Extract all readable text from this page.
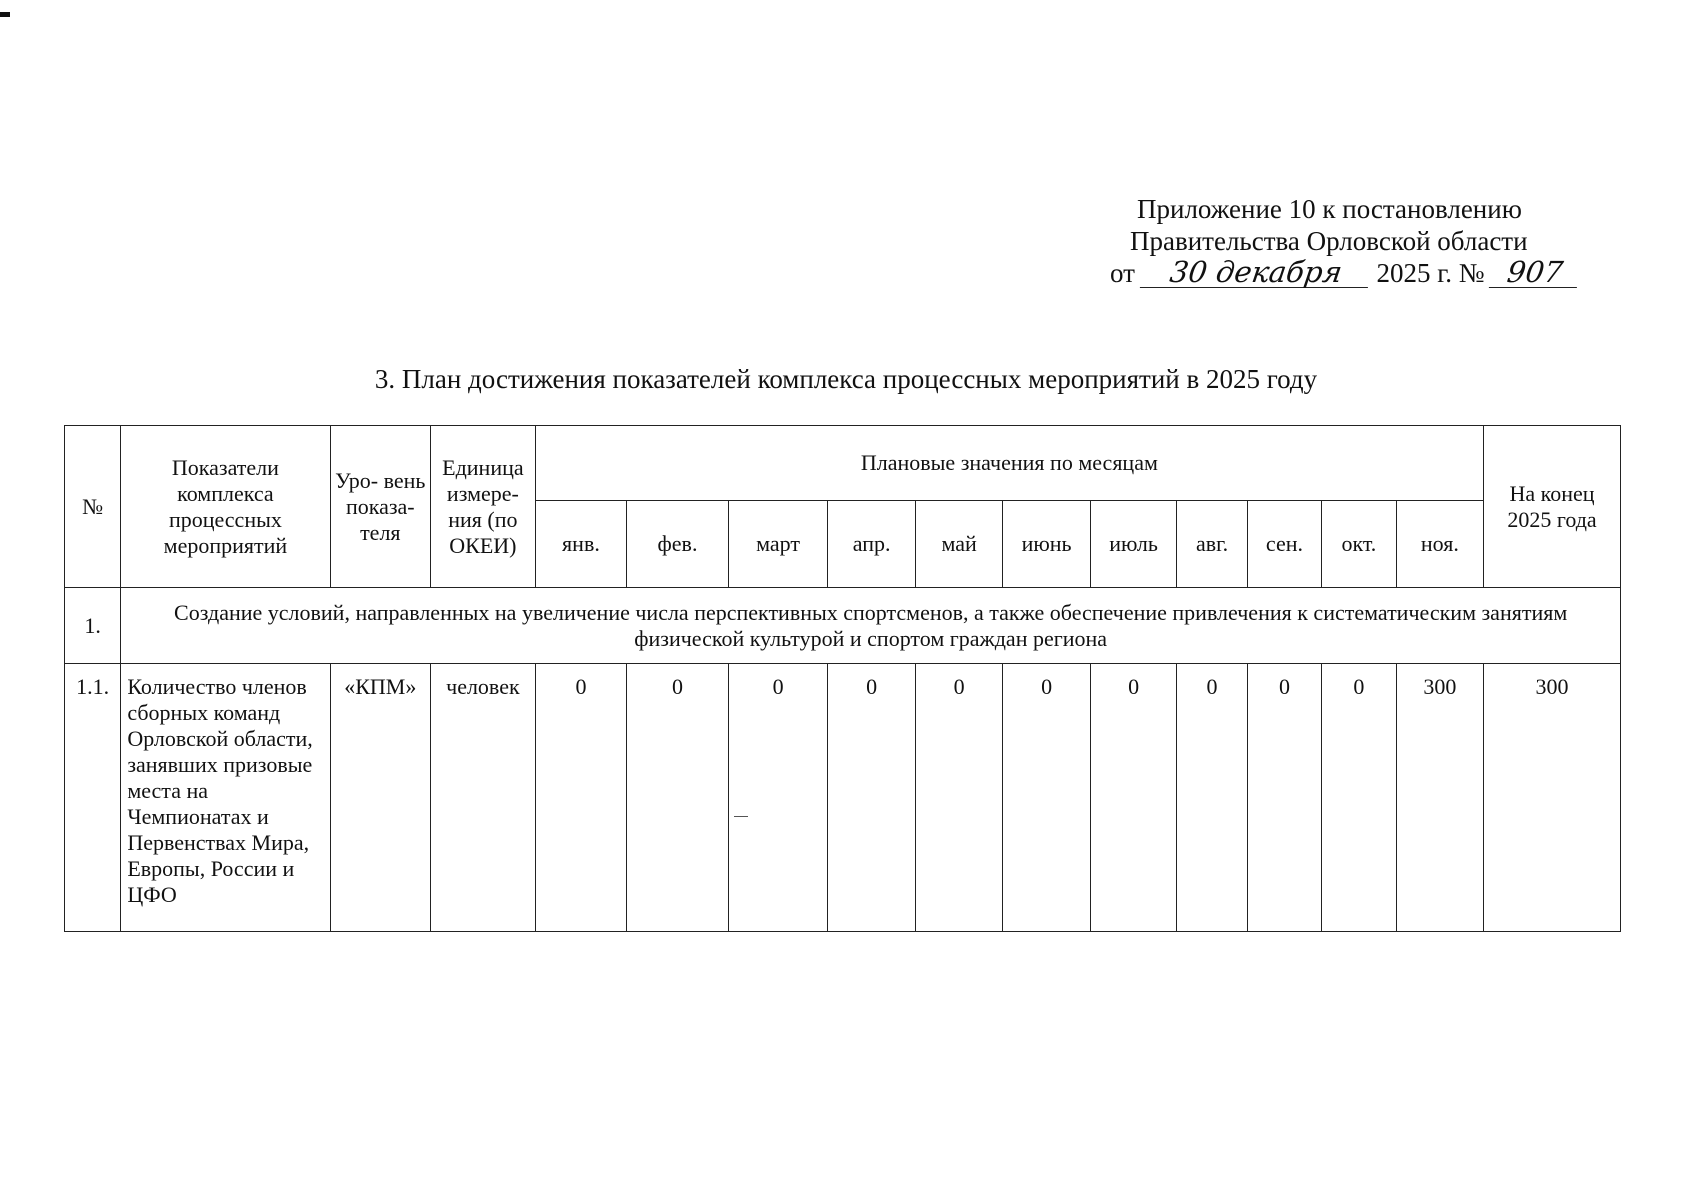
Приложение 10 к постановлению
Правительства Орловской области
от 30 декабря 2025 г. № 907
3. План достижения показателей комплекса процессных мероприятий в 2025 году
№	Показатели комплекса процессных мероприятий	Уро- вень показа- теля	Единица измере- ния (по ОКЕИ)	Плановые значения по месяцам											На конец 2025 года
				янв.	фев.	март	апр.	май	июнь	июль	авг.	сен.	окт.	ноя.	
1.	Создание условий, направленных на увеличение числа перспективных спортсменов, а также обеспечение привлечения к систематическим занятиям физической культурой и спортом граждан региона														
1.1.	Количество членов сборных команд Орловской области, занявших призовые места на Чемпионатах и Первенствах Мира, Европы, России и ЦФО	«КПМ»	человек	0	0	0	0	0	0	0	0	0	0	300	300
